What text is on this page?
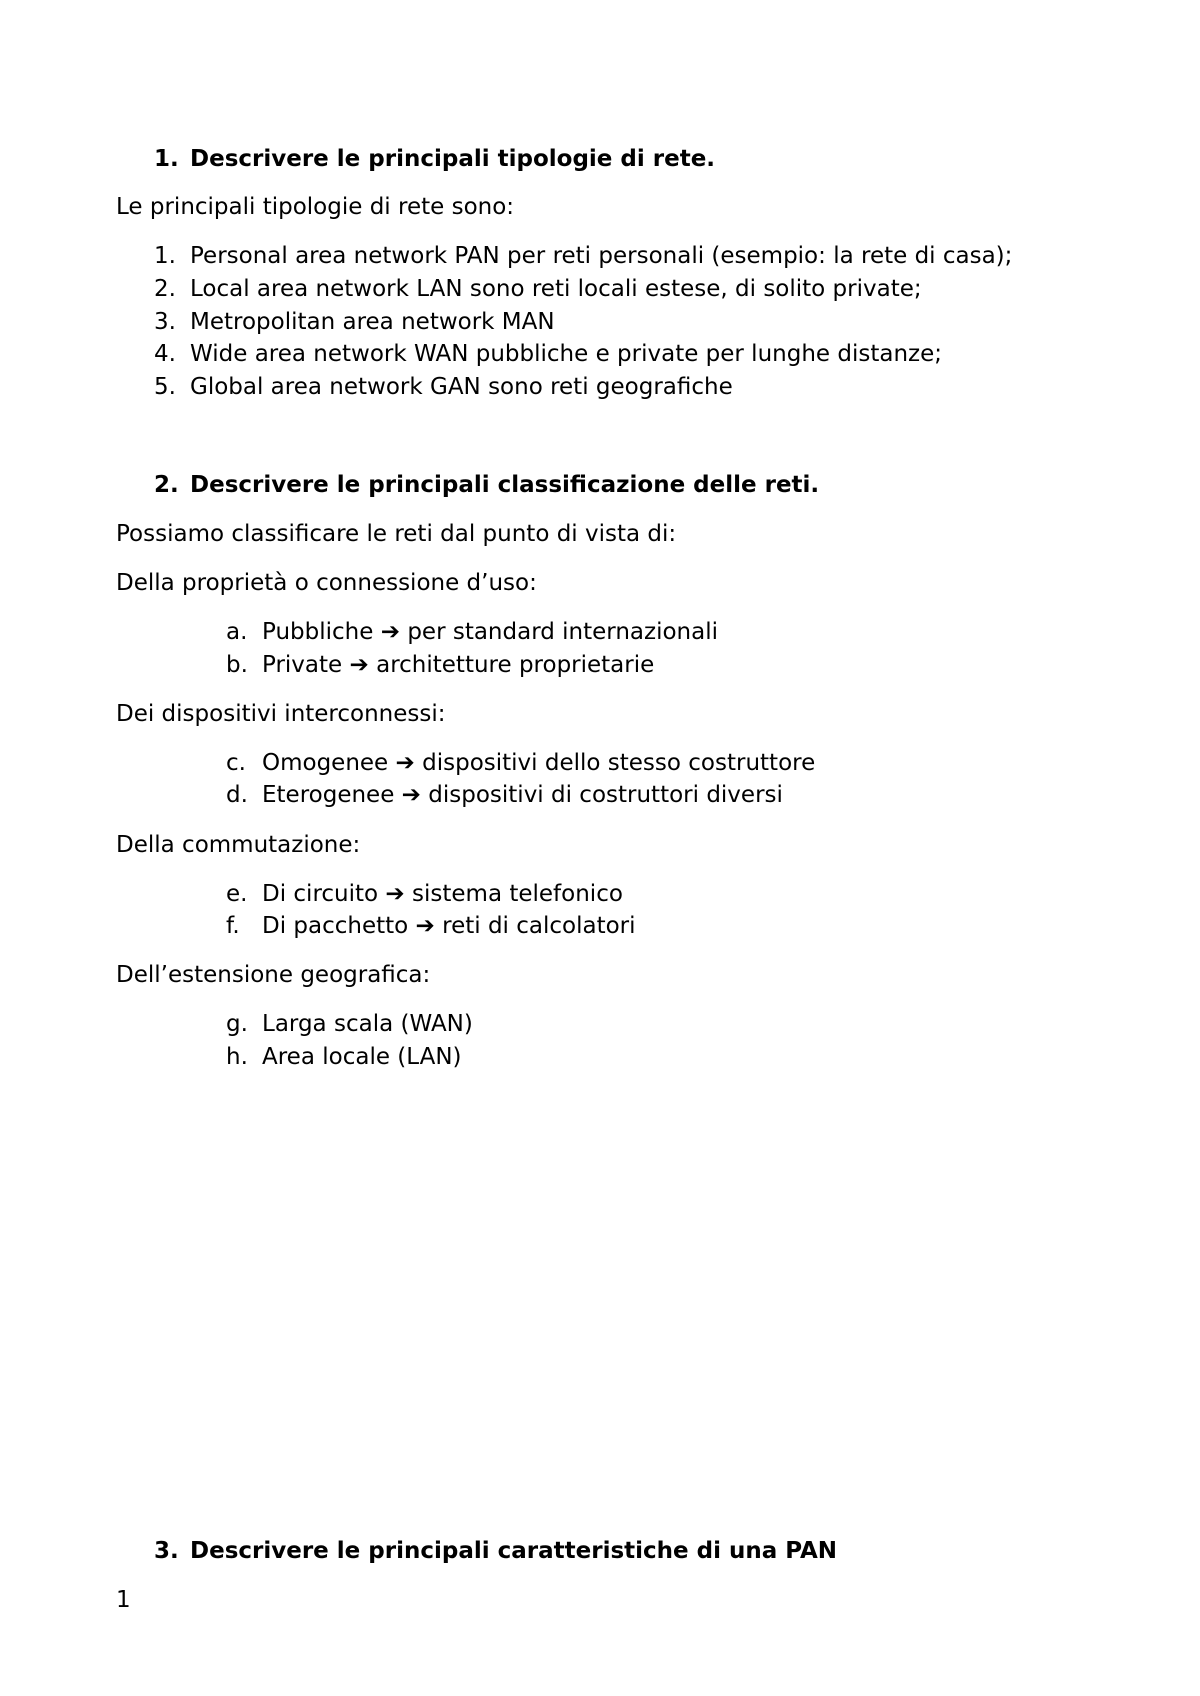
1. Descrivere le principali tipologie di rete.
Le principali tipologie di rete sono:
1. Personal area network PAN per reti personali (esempio: la rete di casa);
2. Local area network LAN sono reti locali estese, di solito private;
3. Metropolitan area network MAN
4. Wide area network WAN pubbliche e private per lunghe distanze;
5. Global area network GAN sono reti geografiche
2. Descrivere le principali classificazione delle reti.
Possiamo classificare le reti dal punto di vista di:
Della proprietà o connessione d’uso:
a. Pubbliche ➔ per standard internazionali
b. Private ➔ architetture proprietarie
Dei dispositivi interconnessi:
c. Omogenee ➔ dispositivi dello stesso costruttore
d. Eterogenee ➔ dispositivi di costruttori diversi
Della commutazione:
e. Di circuito ➔ sistema telefonico
f. Di pacchetto ➔ reti di calcolatori
Dell’estensione geografica:
g. Larga scala (WAN)
h. Area locale (LAN)
3. Descrivere le principali caratteristiche di una PAN
1
